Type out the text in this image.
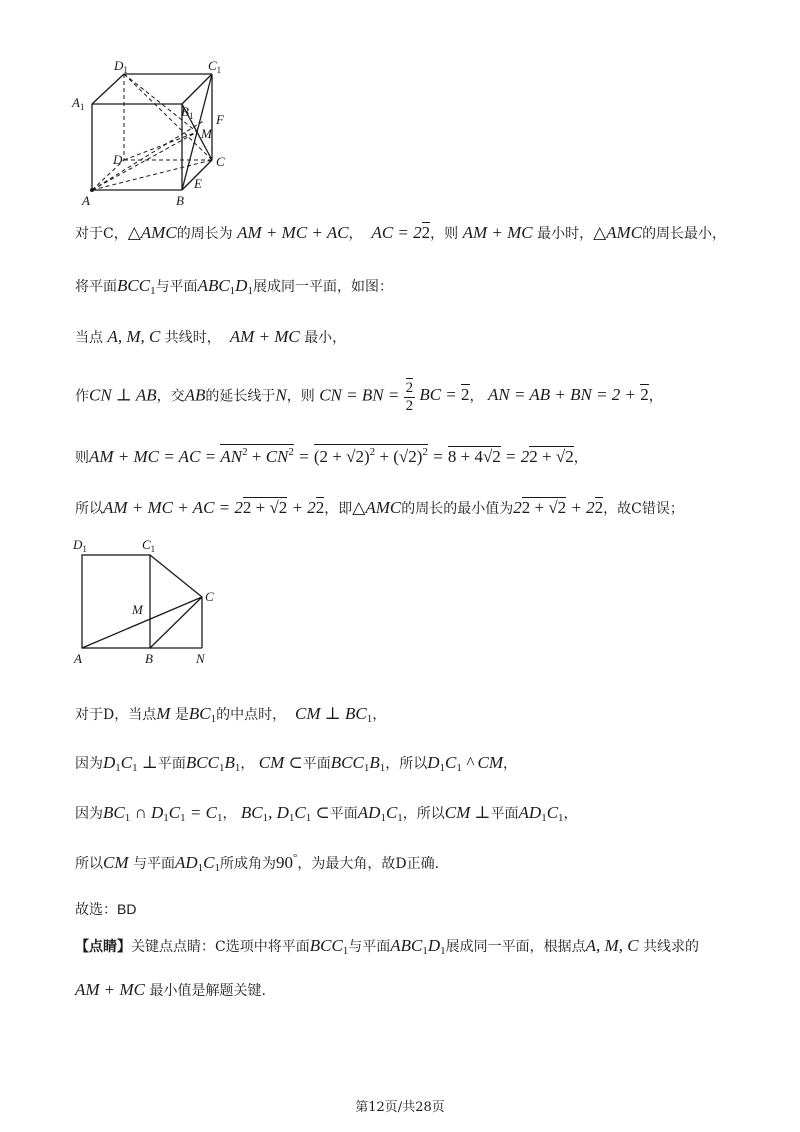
$D_1$	$C_1$
$A_1$	$B_1$
M
F
D	C
E
A	B
对于C，△AMC的周长为 AM + MC + AC， AC = 22，则 AM + MC 最小时，△AMC的周长最小，
将平面$BCC_1$与平面$ABC_1D_1$展成同一平面，如图：
当点 A, M, C 共线时， AM + MC 最小，
作CN ⊥ AB，交AB的延长线于N，则 CN = BN = $\frac{2}{2}$ BC = 2， AN = AB + BN = 2 + 2，
则AM + MC = AC = $AN^2 + CN^2 = (2 + √2)^2 + (√2)^2 = 8 + 4√2 = 22 + √2$，
所以AM + MC + AC = 22 + √2 + 22，即△AMC的周长的最小值为22 + √2 + 22，故C错误；
$D_1$	$C_1$
M
C
A	B	N
对于D，当点M 是$BC_1$的中点时， CM ⊥ $BC_1$，
因为$D_1C_1$ ⊥平面$BCC_1B_1$， CM ⊂平面$BCC_1B_1$，所以$D_1C_1$ ^ CM，
因为$BC_1$ ∩ $D_1C_1 = C_1$， $BC_1$, $D_1C_1$ ⊂平面$AD_1C_1$，所以CM ⊥平面$AD_1C_1$，
所以CM 与平面$AD_1C_1$所成角为90°，为最大角，故D正确.
故选：BD
【点睛】关键点点睛：C选项中将平面$BCC_1$与平面$ABC_1D_1$展成同一平面，根据点A, M, C 共线求的
AM + MC 最小值是解题关键.
第12页/共28页
